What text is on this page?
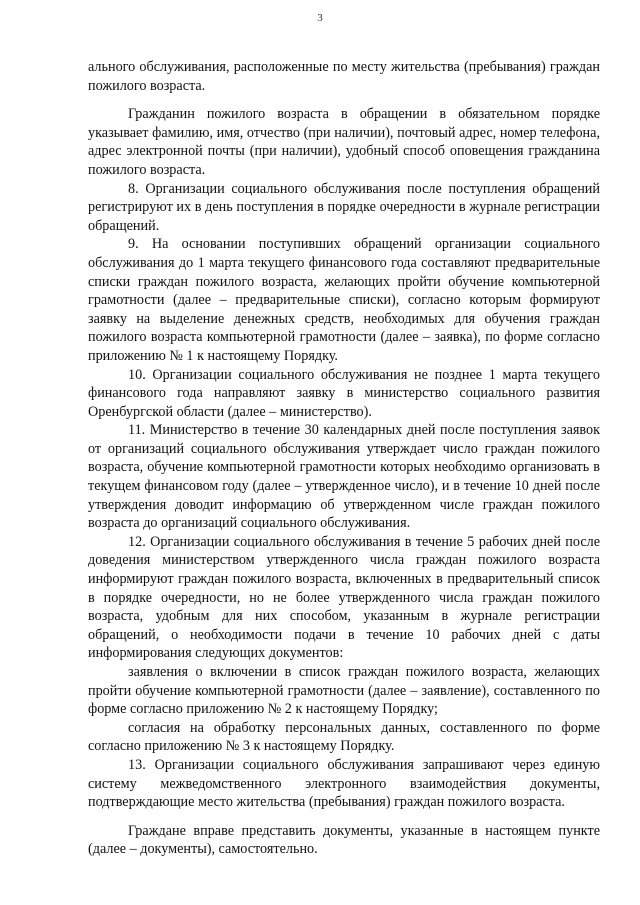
3

ального обслуживания, расположенные по месту жительства (пребывания) граждан пожилого возраста.

Гражданин пожилого возраста в обращении в обязательном порядке указывает фамилию, имя, отчество (при наличии), почтовый адрес, номер телефона, адрес электронной почты (при наличии), удобный способ оповещения гражданина пожилого возраста.

8. Организации социального обслуживания после поступления обращений регистрируют их в день поступления в порядке очередности в журнале регистрации обращений.

9. На основании поступивших обращений организации социального обслуживания до 1 марта текущего финансового года составляют предварительные списки граждан пожилого возраста, желающих пройти обучение компьютерной грамотности (далее – предварительные списки), согласно которым формируют заявку на выделение денежных средств, необходимых для обучения граждан пожилого возраста компьютерной грамотности (далее – заявка), по форме согласно приложению № 1 к настоящему Порядку.

10. Организации социального обслуживания не позднее 1 марта текущего финансового года направляют заявку в министерство социального развития Оренбургской области (далее – министерство).

11. Министерство в течение 30 календарных дней после поступления заявок от организаций социального обслуживания утверждает число граждан пожилого возраста, обучение компьютерной грамотности которых необходимо организовать в текущем финансовом году (далее – утвержденное число), и в течение 10 дней после утверждения доводит информацию об утвержденном числе граждан пожилого возраста до организаций социального обслуживания.

12. Организации социального обслуживания в течение 5 рабочих дней после доведения министерством утвержденного числа граждан пожилого возраста информируют граждан пожилого возраста, включенных в предварительный список в порядке очередности, но не более утвержденного числа граждан пожилого возраста, удобным для них способом, указанным в журнале регистрации обращений, о необходимости подачи в течение 10 рабочих дней с даты информирования следующих документов:

заявления о включении в список граждан пожилого возраста, желающих пройти обучение компьютерной грамотности (далее – заявление), составленного по форме согласно приложению № 2 к настоящему Порядку;

согласия на обработку персональных данных, составленного по форме согласно приложению № 3 к настоящему Порядку.

13. Организации социального обслуживания запрашивают через единую систему межведомственного электронного взаимодействия документы, подтверждающие место жительства (пребывания) граждан пожилого возраста.

Граждане вправе представить документы, указанные в настоящем пункте (далее – документы), самостоятельно.
